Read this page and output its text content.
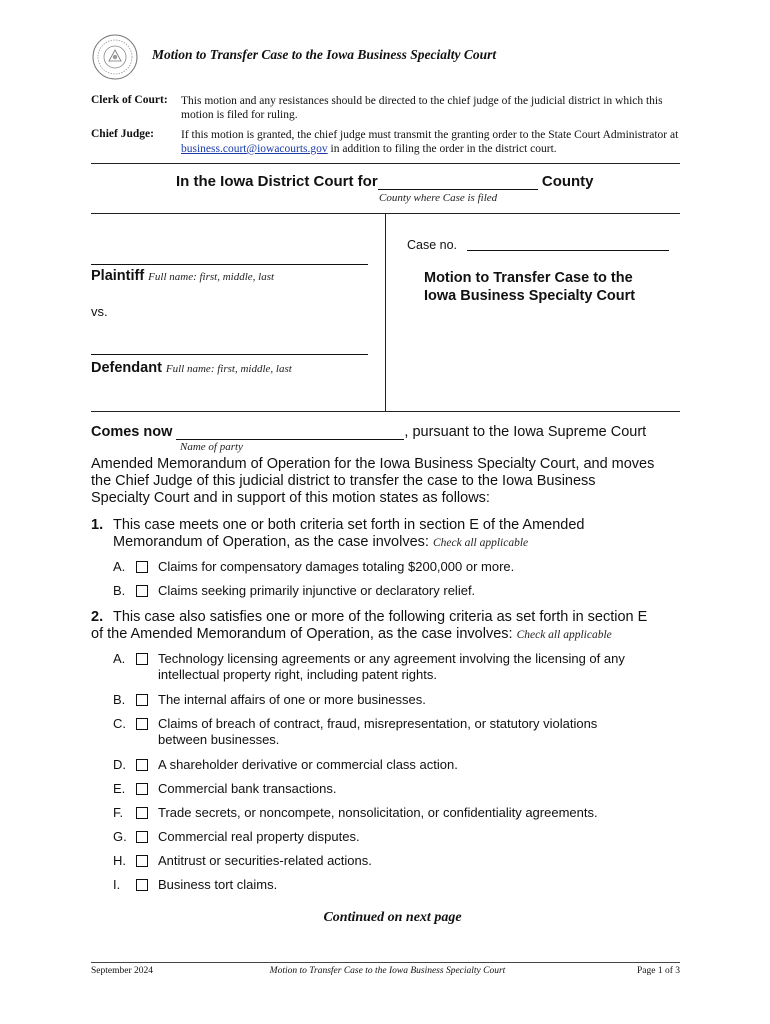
Motion to Transfer Case to the Iowa Business Specialty Court
Clerk of Court: This motion and any resistances should be directed to the chief judge of the judicial district in which this motion is filed for ruling.
Chief Judge: If this motion is granted, the chief judge must transmit the granting order to the State Court Administrator at business.court@iowacourts.gov in addition to filing the order in the district court.
In the Iowa District Court for	County
County where Case is filed
Case no.
Plaintiff Full name: first, middle, last
vs.
Defendant Full name: first, middle, last
Motion to Transfer Case to the
Iowa Business Specialty Court
Comes now	, pursuant to the Iowa Supreme Court
Name of party
Amended Memorandum of Operation for the Iowa Business Specialty Court, and moves
the Chief Judge of this judicial district to transfer the case to the Iowa Business
Specialty Court and in support of this motion states as follows:
1. This case meets one or both criteria set forth in section E of the Amended
Memorandum of Operation, as the case involves: Check all applicable
A.	Claims for compensatory damages totaling $200,000 or more.
B.	Claims seeking primarily injunctive or declaratory relief.
2. This case also satisfies one or more of the following criteria as set forth in section E
of the Amended Memorandum of Operation, as the case involves: Check all applicable
A.	Technology licensing agreements or any agreement involving the licensing of any
intellectual property right, including patent rights.
B.	The internal affairs of one or more businesses.
C.	Claims of breach of contract, fraud, misrepresentation, or statutory violations
between businesses.
D.	A shareholder derivative or commercial class action.
E.	Commercial bank transactions.
F.	Trade secrets, or noncompete, nonsolicitation, or confidentiality agreements.
G.	Commercial real property disputes.
H.	Antitrust or securities-related actions.
I.	Business tort claims.
Continued on next page
September 2024	Motion to Transfer Case to the Iowa Business Specialty Court	Page 1 of 3
